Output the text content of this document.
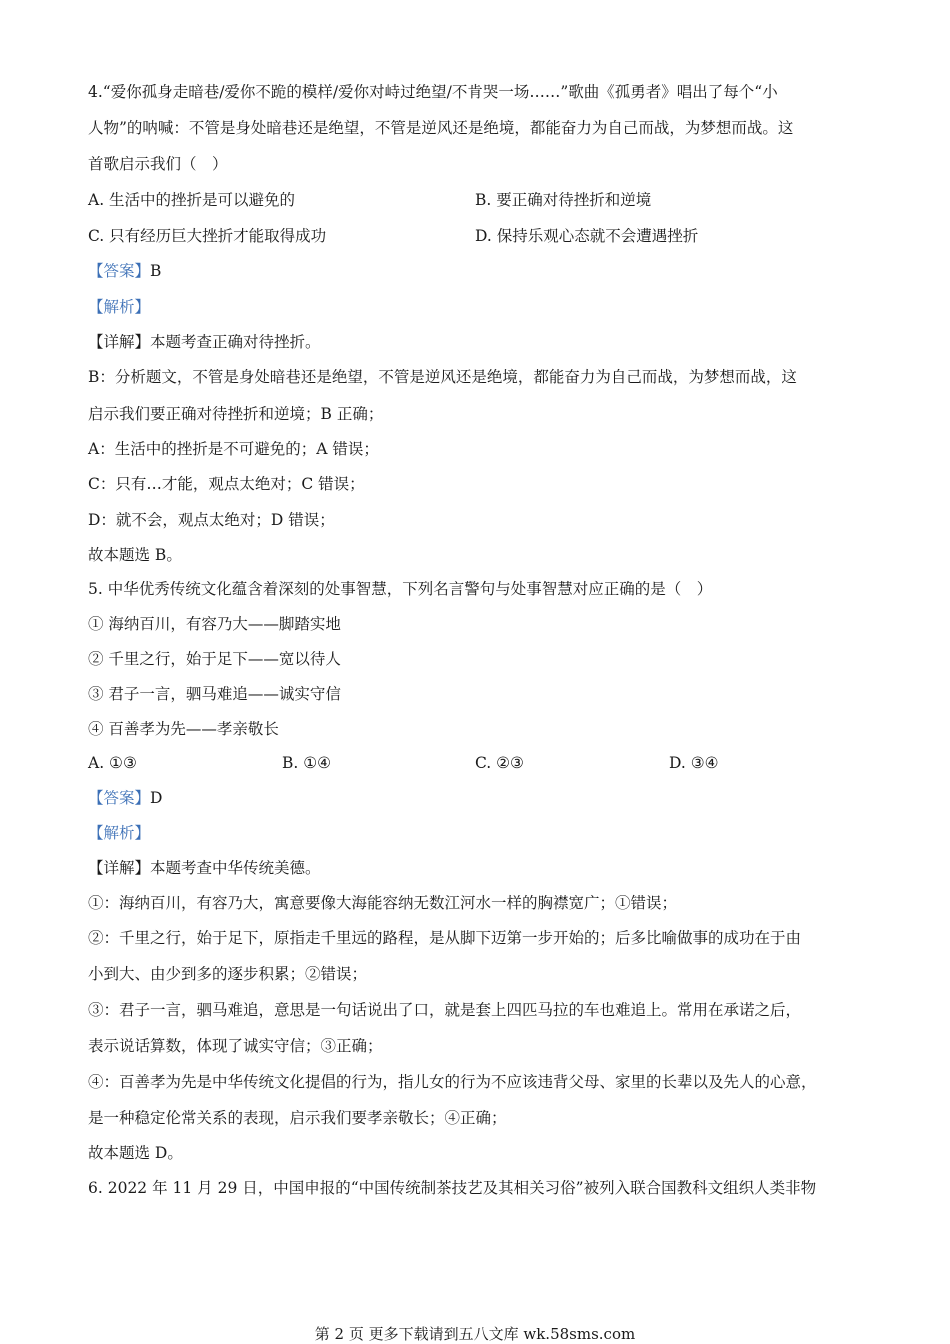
4.“爱你孤身走暗巷/爱你不跪的模样/爱你对峙过绝望/不肯哭一场……”歌曲《孤勇者》唱出了每个“小
人物”的呐喊：不管是身处暗巷还是绝望，不管是逆风还是绝境，都能奋力为自己而战，为梦想而战。这
首歌启示我们（　）
A. 生活中的挫折是可以避免的	B. 要正确对待挫折和逆境
C. 只有经历巨大挫折才能取得成功	D. 保持乐观心态就不会遭遇挫折
【答案】B
【解析】
【详解】本题考查正确对待挫折。
B：分析题文，不管是身处暗巷还是绝望，不管是逆风还是绝境，都能奋力为自己而战，为梦想而战，这
启示我们要正确对待挫折和逆境；B 正确；
A：生活中的挫折是不可避免的；A 错误；
C：只有…才能，观点太绝对；C 错误；
D：就不会，观点太绝对；D 错误；
故本题选 B。
5. 中华优秀传统文化蕴含着深刻的处事智慧，下列名言警句与处事智慧对应正确的是（　）
① 海纳百川，有容乃大——脚踏实地
② 千里之行，始于足下——宽以待人
③ 君子一言，驷马难追——诚实守信
④ 百善孝为先——孝亲敬长
A. ①③	B. ①④	C. ②③	D. ③④
【答案】D
【解析】
【详解】本题考查中华传统美德。
①：海纳百川，有容乃大，寓意要像大海能容纳无数江河水一样的胸襟宽广；①错误；
②：千里之行，始于足下，原指走千里远的路程，是从脚下迈第一步开始的；后多比喻做事的成功在于由
小到大、由少到多的逐步积累；②错误；
③：君子一言，驷马难追，意思是一句话说出了口，就是套上四匹马拉的车也难追上。常用在承诺之后，
表示说话算数，体现了诚实守信；③正确；
④：百善孝为先是中华传统文化提倡的行为，指儿女的行为不应该违背父母、家里的长辈以及先人的心意，
是一种稳定伦常关系的表现，启示我们要孝亲敬长；④正确；
故本题选 D。
6. 2022 年 11 月 29 日，中国申报的“中国传统制茶技艺及其相关习俗”被列入联合国教科文组织人类非物
第 2 页 更多下载请到五八文库 wk.58sms.com
